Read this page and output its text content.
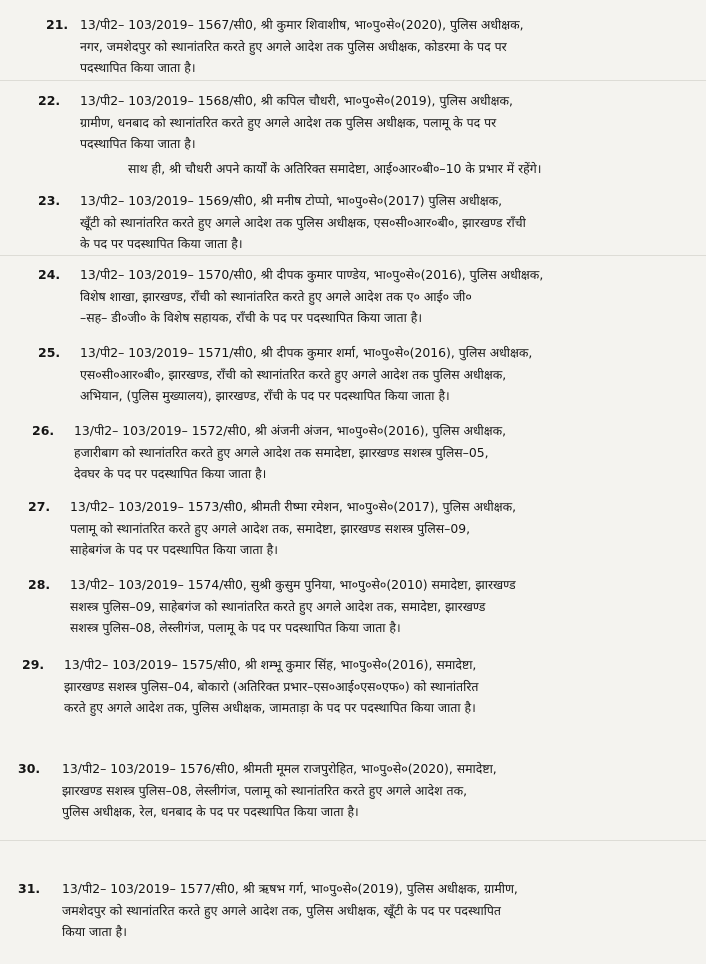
21. 13/पी2– 103/2019– 1567/सी0, श्री कुमार शिवाशीष, भा०पु०से०(2020), पुलिस अधीक्षक,
नगर, जमशेदपुर को स्थानांतरित करते हुए अगले आदेश तक पुलिस अधीक्षक, कोडरमा के पद पर
पदस्थापित किया जाता है।
22. 13/पी2– 103/2019– 1568/सी0, श्री कपिल चौधरी, भा०पु०से०(2019), पुलिस अधीक्षक,
ग्रामीण, धनबाद को स्थानांतरित करते हुए अगले आदेश तक पुलिस अधीक्षक, पलामू के पद पर
पदस्थापित किया जाता है।
साथ ही, श्री चौधरी अपने कार्यों के अतिरिक्त समादेष्टा, आई०आर०बी०–10 के प्रभार में रहेंगे।
23. 13/पी2– 103/2019– 1569/सी0, श्री मनीष टोप्पो, भा०पु०से०(2017) पुलिस अधीक्षक,
खूँटी को स्थानांतरित करते हुए अगले आदेश तक पुलिस अधीक्षक, एस०सी०आर०बी०, झारखण्ड राँची
के पद पर पदस्थापित किया जाता है।
24. 13/पी2– 103/2019– 1570/सी0, श्री दीपक कुमार पाण्डेय, भा०पु०से०(2016), पुलिस अधीक्षक,
विशेष शाखा, झारखण्ड, राँची को स्थानांतरित करते हुए अगले आदेश तक ए० आई० जी०
–सह– डी०जी० के विशेष सहायक, राँची के पद पर पदस्थापित किया जाता है।
25. 13/पी2– 103/2019– 1571/सी0, श्री दीपक कुमार शर्मा, भा०पु०से०(2016), पुलिस अधीक्षक,
एस०सी०आर०बी०, झारखण्ड, राँची को स्थानांतरित करते हुए अगले आदेश तक पुलिस अधीक्षक,
अभियान, (पुलिस मुख्यालय), झारखण्ड, राँची के पद पर पदस्थापित किया जाता है।
26. 13/पी2– 103/2019– 1572/सी0, श्री अंजनी अंजन, भा०पु०से०(2016), पुलिस अधीक्षक,
हजारीबाग को स्थानांतरित करते हुए अगले आदेश तक समादेष्टा, झारखण्ड सशस्त्र पुलिस–05,
देवघर के पद पर पदस्थापित किया जाता है।
27. 13/पी2– 103/2019– 1573/सी0, श्रीमती रीष्मा रमेशन, भा०पु०से०(2017), पुलिस अधीक्षक,
पलामू को स्थानांतरित करते हुए अगले आदेश तक, समादेष्टा, झारखण्ड सशस्त्र पुलिस–09,
साहेबगंज के पद पर पदस्थापित किया जाता है।
28. 13/पी2– 103/2019– 1574/सी0, सुश्री कुसुम पुनिया, भा०पु०से०(2010) समादेष्टा, झारखण्ड
सशस्त्र पुलिस–09, साहेबगंज को स्थानांतरित करते हुए अगले आदेश तक, समादेष्टा, झारखण्ड
सशस्त्र पुलिस–08, लेस्लीगंज, पलामू के पद पर पदस्थापित किया जाता है।
29. 13/पी2– 103/2019– 1575/सी0, श्री शम्भू कुमार सिंह, भा०पु०से०(2016), समादेष्टा,
झारखण्ड सशस्त्र पुलिस–04, बोकारो (अतिरिक्त प्रभार–एस०आई०एस०एफ०) को स्थानांतरित
करते हुए अगले आदेश तक, पुलिस अधीक्षक, जामताड़ा के पद पर पदस्थापित किया जाता है।
30. 13/पी2– 103/2019– 1576/सी0, श्रीमती मूमल राजपुरोहित, भा०पु०से०(2020), समादेष्टा,
झारखण्ड सशस्त्र पुलिस–08, लेस्लीगंज, पलामू को स्थानांतरित करते हुए अगले आदेश तक,
पुलिस अधीक्षक, रेल, धनबाद के पद पर पदस्थापित किया जाता है।
31. 13/पी2– 103/2019– 1577/सी0, श्री ऋषभ गर्ग, भा०पु०से०(2019), पुलिस अधीक्षक, ग्रामीण,
जमशेदपुर को स्थानांतरित करते हुए अगले आदेश तक, पुलिस अधीक्षक, खूँटी के पद पर पदस्थापित
किया जाता है।
